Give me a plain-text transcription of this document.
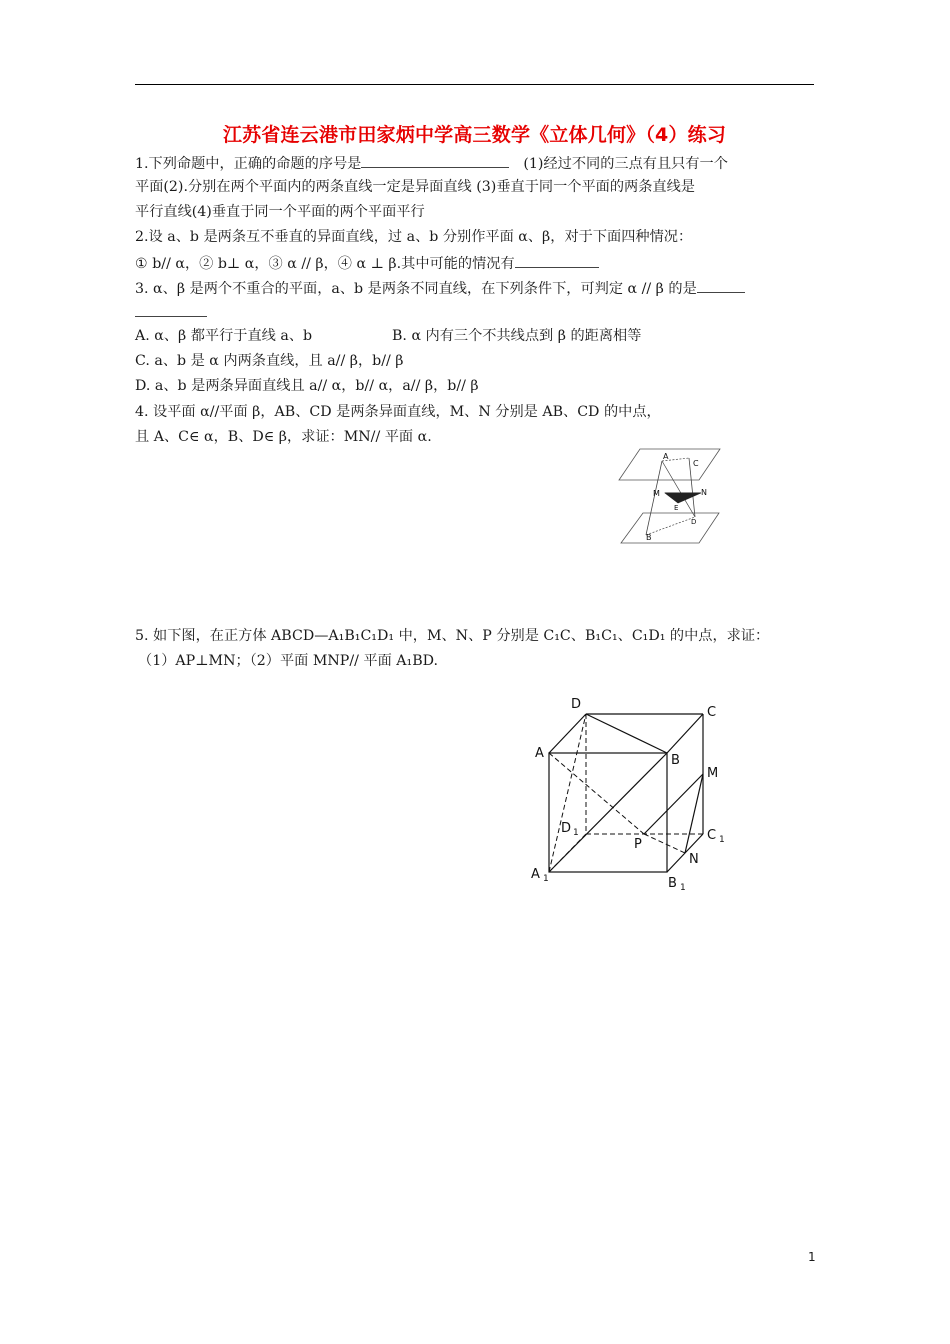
江苏省连云港市田家炳中学高三数学《立体几何》（4）练习
1.下列命题中，正确的命题的序号是	(1)经过不同的三点有且只有一个
平面(2).分别在两个平面内的两条直线一定是异面直线 (3)垂直于同一个平面的两条直线是
平行直线(4)垂直于同一个平面的两个平面平行
2.设 a、b 是两条互不垂直的异面直线，过 a、b 分别作平面 α、β，对于下面四种情况：
① b// α，② b⊥ α，③ α // β，④ α ⊥ β.其中可能的情况有
3. α、β 是两个不重合的平面，a、b 是两条不同直线，在下列条件下，可判定 α // β 的是
A. α、β 都平行于直线 a、b	B. α 内有三个不共线点到 β 的距离相等
C. a、b 是 α 内两条直线，且 a// β，b// β
D. a、b 是两条异面直线且 a// α，b// α，a// β，b// β
4. 设平面 α//平面 β，AB、CD 是两条异面直线，M、N 分别是 AB、CD 的中点，
且 A、C∈ α，B、D∈ β，求证：MN// 平面 α.
A
C
M	N
E
D
B
5. 如下图，在正方体 ABCD—A₁B₁C₁D₁ 中，M、N、P 分别是 C₁C、B₁C₁、C₁D₁ 的中点，求证：
（1）AP⊥MN；（2）平面 MNP// 平面 A₁BD.
D
C
A	B
M
D 1	C 1
P
N
A 1	B 1
1
